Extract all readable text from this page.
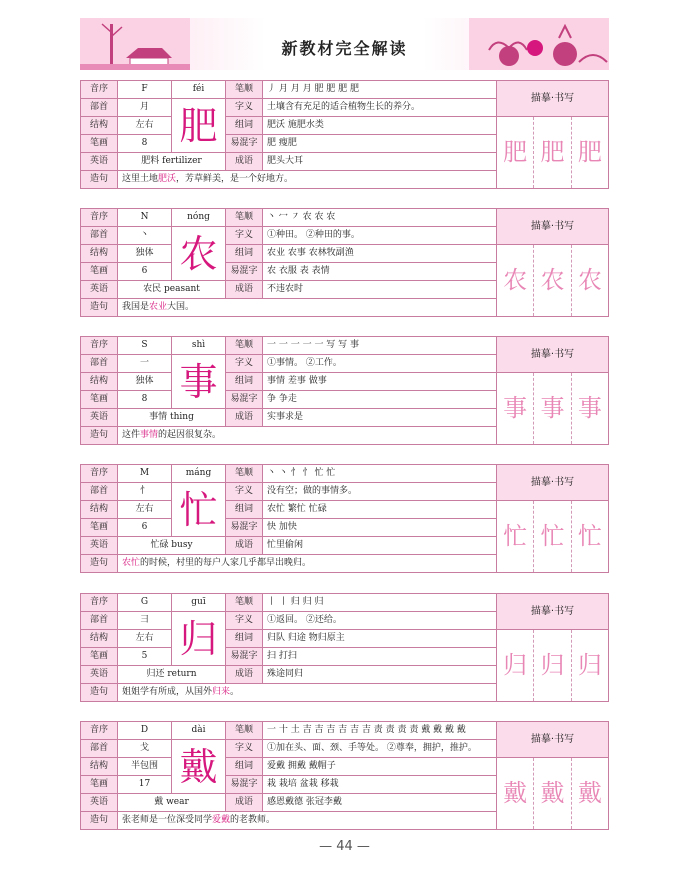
新教材完全解读
音序	F	féi	笔顺	丿 月 月 月 肥 肥 肥 肥	描摹·书写
部首	月	肥	字义	土壤含有充足的适合植物生长的养分。	
结构	左右		组词	肥沃 施肥水类	肥 肥 肥

笔画	8		易混字	肥 瘦肥	
英语	肥料 fertilizer		成语	肥头大耳	
造句	这里土地肥沃，芳草鲜美，是一个好地方。				
音序	N	nóng	笔顺	丶 冖 ㇇ 农 农 农	描摹·书写
部首	丶	农	字义	①种田。 ②种田的事。	
结构	独体		组词	农业 农事 农林牧副渔	农 农 农

笔画	6		易混字	农 衣服 表 表情	
英语	农民 peasant		成语	不违农时	
造句	我国是农业大国。				
音序	S	shì	笔顺	一 一 一 一 一 写 写 事	描摹·书写
部首	一	事	字义	①事情。 ②工作。	
结构	独体		组词	事情 差事 做事	事 事 事

笔画	8		易混字	争 争走	
英语	事情 thing		成语	实事求是	
造句	这件事情的起因很复杂。				
音序	M	máng	笔顺	丶 丶 忄 忄 忙 忙	描摹·书写
部首	忄	忙	字义	没有空；做的事情多。	
结构	左右		组词	农忙 繁忙 忙碌	忙 忙 忙

笔画	6		易混字	快 加快	
英语	忙碌 busy		成语	忙里偷闲	
造句	农忙的时候，村里的每户人家几乎都早出晚归。				
音序	G	guī	笔顺	丨 丨 归 归 归	描摹·书写
部首	彐	归	字义	①返回。 ②还给。	
结构	左右		组词	归队 归途 物归原主	归 归 归

笔画	5		易混字	扫 打扫	
英语	归还 return		成语	殊途同归	
造句	姐姐学有所成，从国外归来。				
音序	D	dài	笔顺	一 十 土 吉 吉 吉 吉 吉 吉 责 责 责 责 戴 戴 戴 戴	描摹·书写
部首	戈	戴	字义	①加在头、面、颈、手等处。 ②尊奉，拥护，推护。	
结构	半包围		组词	爱戴 拥戴 戴帽子	戴 戴 戴

笔画	17		易混字	栽 栽培 盆栽 移栽	
英语	戴 wear		成语	感恩戴德 张冠李戴	
造句	张老师是一位深受同学爱戴的老教师。				
— 44 —
